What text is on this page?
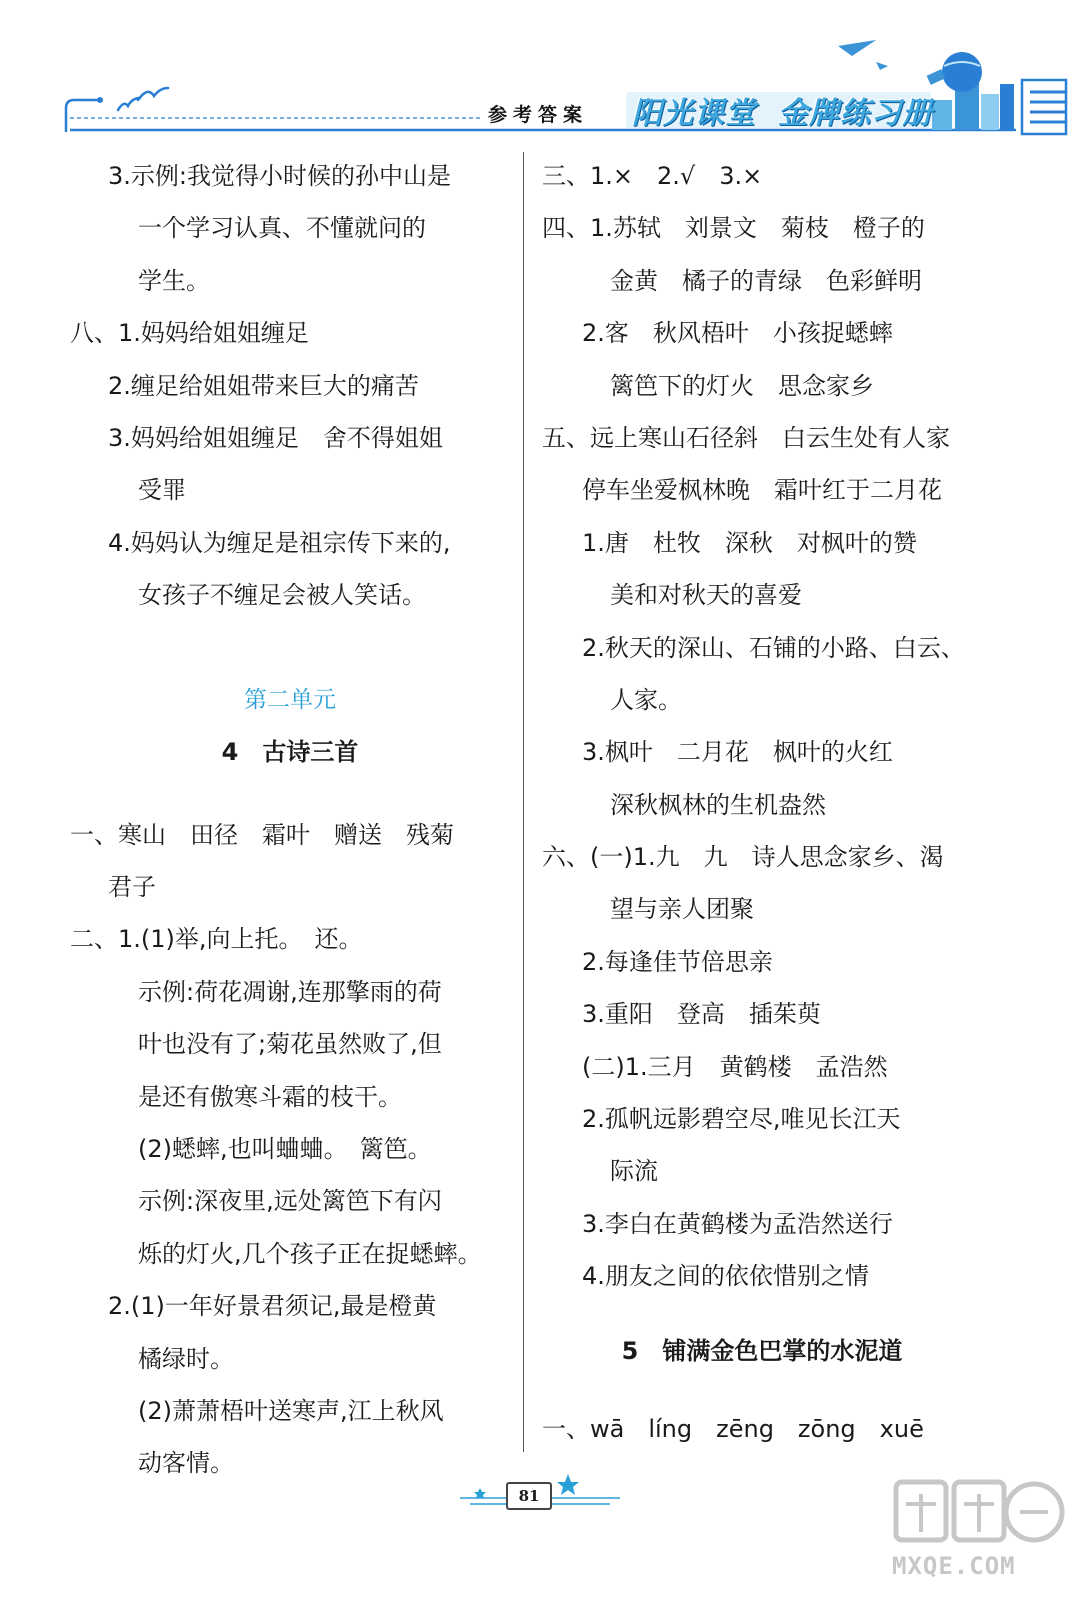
参考答案 阳光课堂 金牌练习册
3.示例:我觉得小时候的孙中山是
一个学习认真、不懂就问的
学生。
八、1.妈妈给姐姐缠足
2.缠足给姐姐带来巨大的痛苦
3.妈妈给姐姐缠足　舍不得姐姐
受罪
4.妈妈认为缠足是祖宗传下来的,
女孩子不缠足会被人笑话。
第二单元
4　古诗三首
一、寒山　田径　霜叶　赠送　残菊
君子
二、1.(1)举,向上托。　还。
示例:荷花凋谢,连那擎雨的荷
叶也没有了;菊花虽然败了,但
是还有傲寒斗霜的枝干。
(2)蟋蟀,也叫蛐蛐。　篱笆。
示例:深夜里,远处篱笆下有闪
烁的灯火,几个孩子正在捉蟋蟀。
2.(1)一年好景君须记,最是橙黄
橘绿时。
(2)萧萧梧叶送寒声,江上秋风
动客情。
三、1.×　2.√　3.×
四、1.苏轼　刘景文　菊枝　橙子的
金黄　橘子的青绿　色彩鲜明
2.客　秋风梧叶　小孩捉蟋蟀
篱笆下的灯火　思念家乡
五、远上寒山石径斜　白云生处有人家
停车坐爱枫林晚　霜叶红于二月花
1.唐　杜牧　深秋　对枫叶的赞
美和对秋天的喜爱
2.秋天的深山、石铺的小路、白云、
人家。
3.枫叶　二月花　枫叶的火红
深秋枫林的生机盎然
六、(一)1.九　九　诗人思念家乡、渴
望与亲人团聚
2.每逢佳节倍思亲
3.重阳　登高　插茱萸
(二)1.三月　黄鹤楼　孟浩然
2.孤帆远影碧空尽,唯见长江天
际流
3.李白在黄鹤楼为孟浩然送行
4.朋友之间的依依惜别之情
5　铺满金色巴掌的水泥道
一、wā　líng　zēng　zōng　xuē
81
MXQE.COM
